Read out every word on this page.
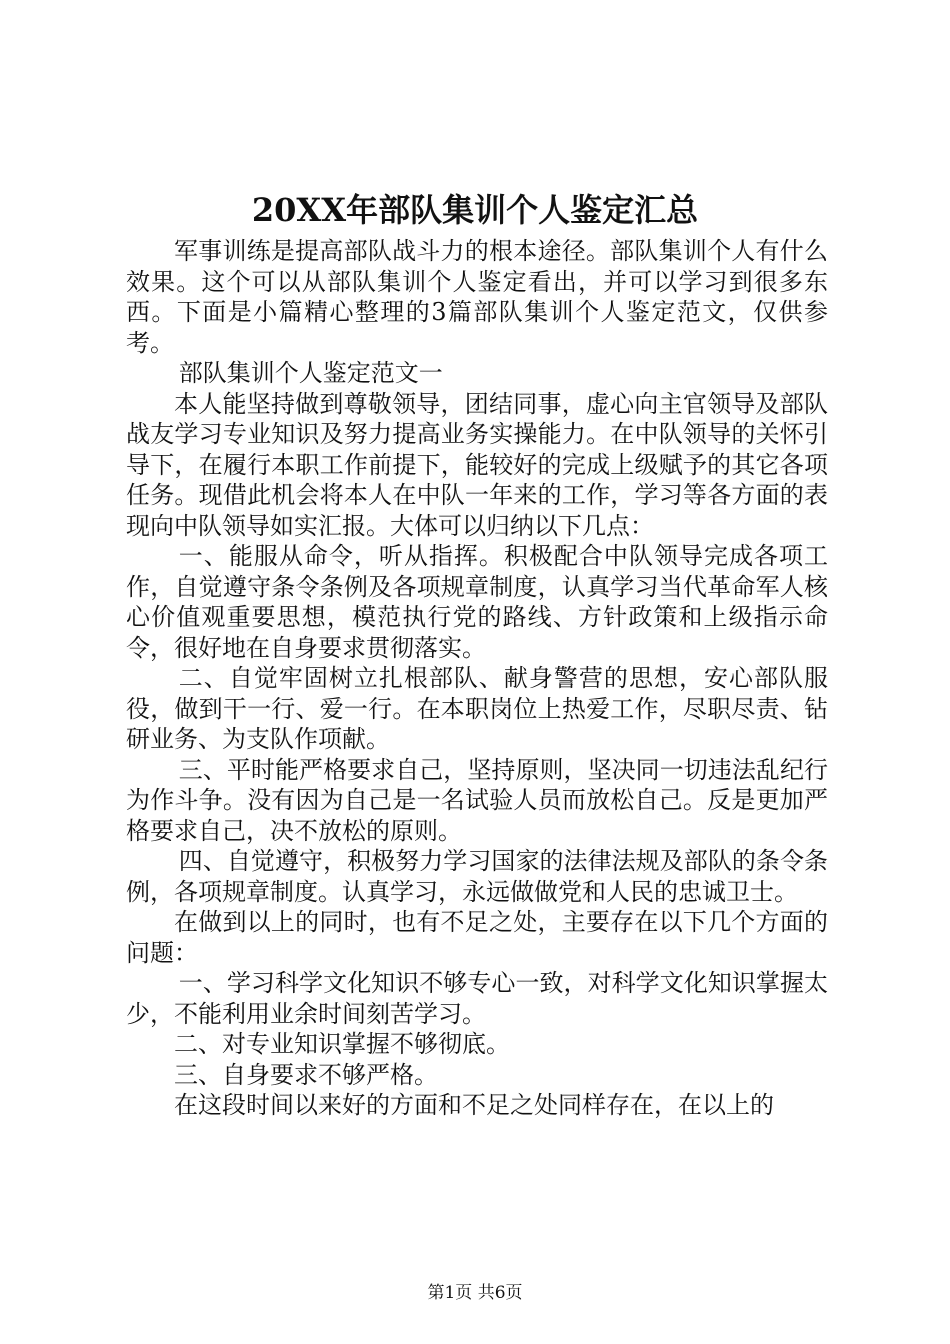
20XX年部队集训个人鉴定汇总

军事训练是提高部队战斗力的根本途径。部队集训个人有什么效果。这个可以从部队集训个人鉴定看出，并可以学习到很多东西。下面是小篇精心整理的3篇部队集训个人鉴定范文，仅供参考。

部队集训个人鉴定范文一

本人能坚持做到尊敬领导，团结同事，虚心向主官领导及部队战友学习专业知识及努力提高业务实操能力。在中队领导的关怀引导下，在履行本职工作前提下，能较好的完成上级赋予的其它各项任务。现借此机会将本人在中队一年来的工作，学习等各方面的表现向中队领导如实汇报。大体可以归纳以下几点：

一、能服从命令，听从指挥。积极配合中队领导完成各项工作，自觉遵守条令条例及各项规章制度，认真学习当代革命军人核心价值观重要思想，模范执行党的路线、方针政策和上级指示命令，很好地在自身要求贯彻落实。

二、自觉牢固树立扎根部队、献身警营的思想，安心部队服役，做到干一行、爱一行。在本职岗位上热爱工作，尽职尽责、钻研业务、为支队作项献。

三、平时能严格要求自己，坚持原则，坚决同一切违法乱纪行为作斗争。没有因为自己是一名试验人员而放松自己。反是更加严格要求自己，决不放松的原则。

四、自觉遵守，积极努力学习国家的法律法规及部队的条令条例，各项规章制度。认真学习，永远做做党和人民的忠诚卫士。

在做到以上的同时，也有不足之处，主要存在以下几个方面的问题：

一、学习科学文化知识不够专心一致，对科学文化知识掌握太少，不能利用业余时间刻苦学习。

二、对专业知识掌握不够彻底。

三、自身要求不够严格。

在这段时间以来好的方面和不足之处同样存在，在以上的

第1页 共6页
